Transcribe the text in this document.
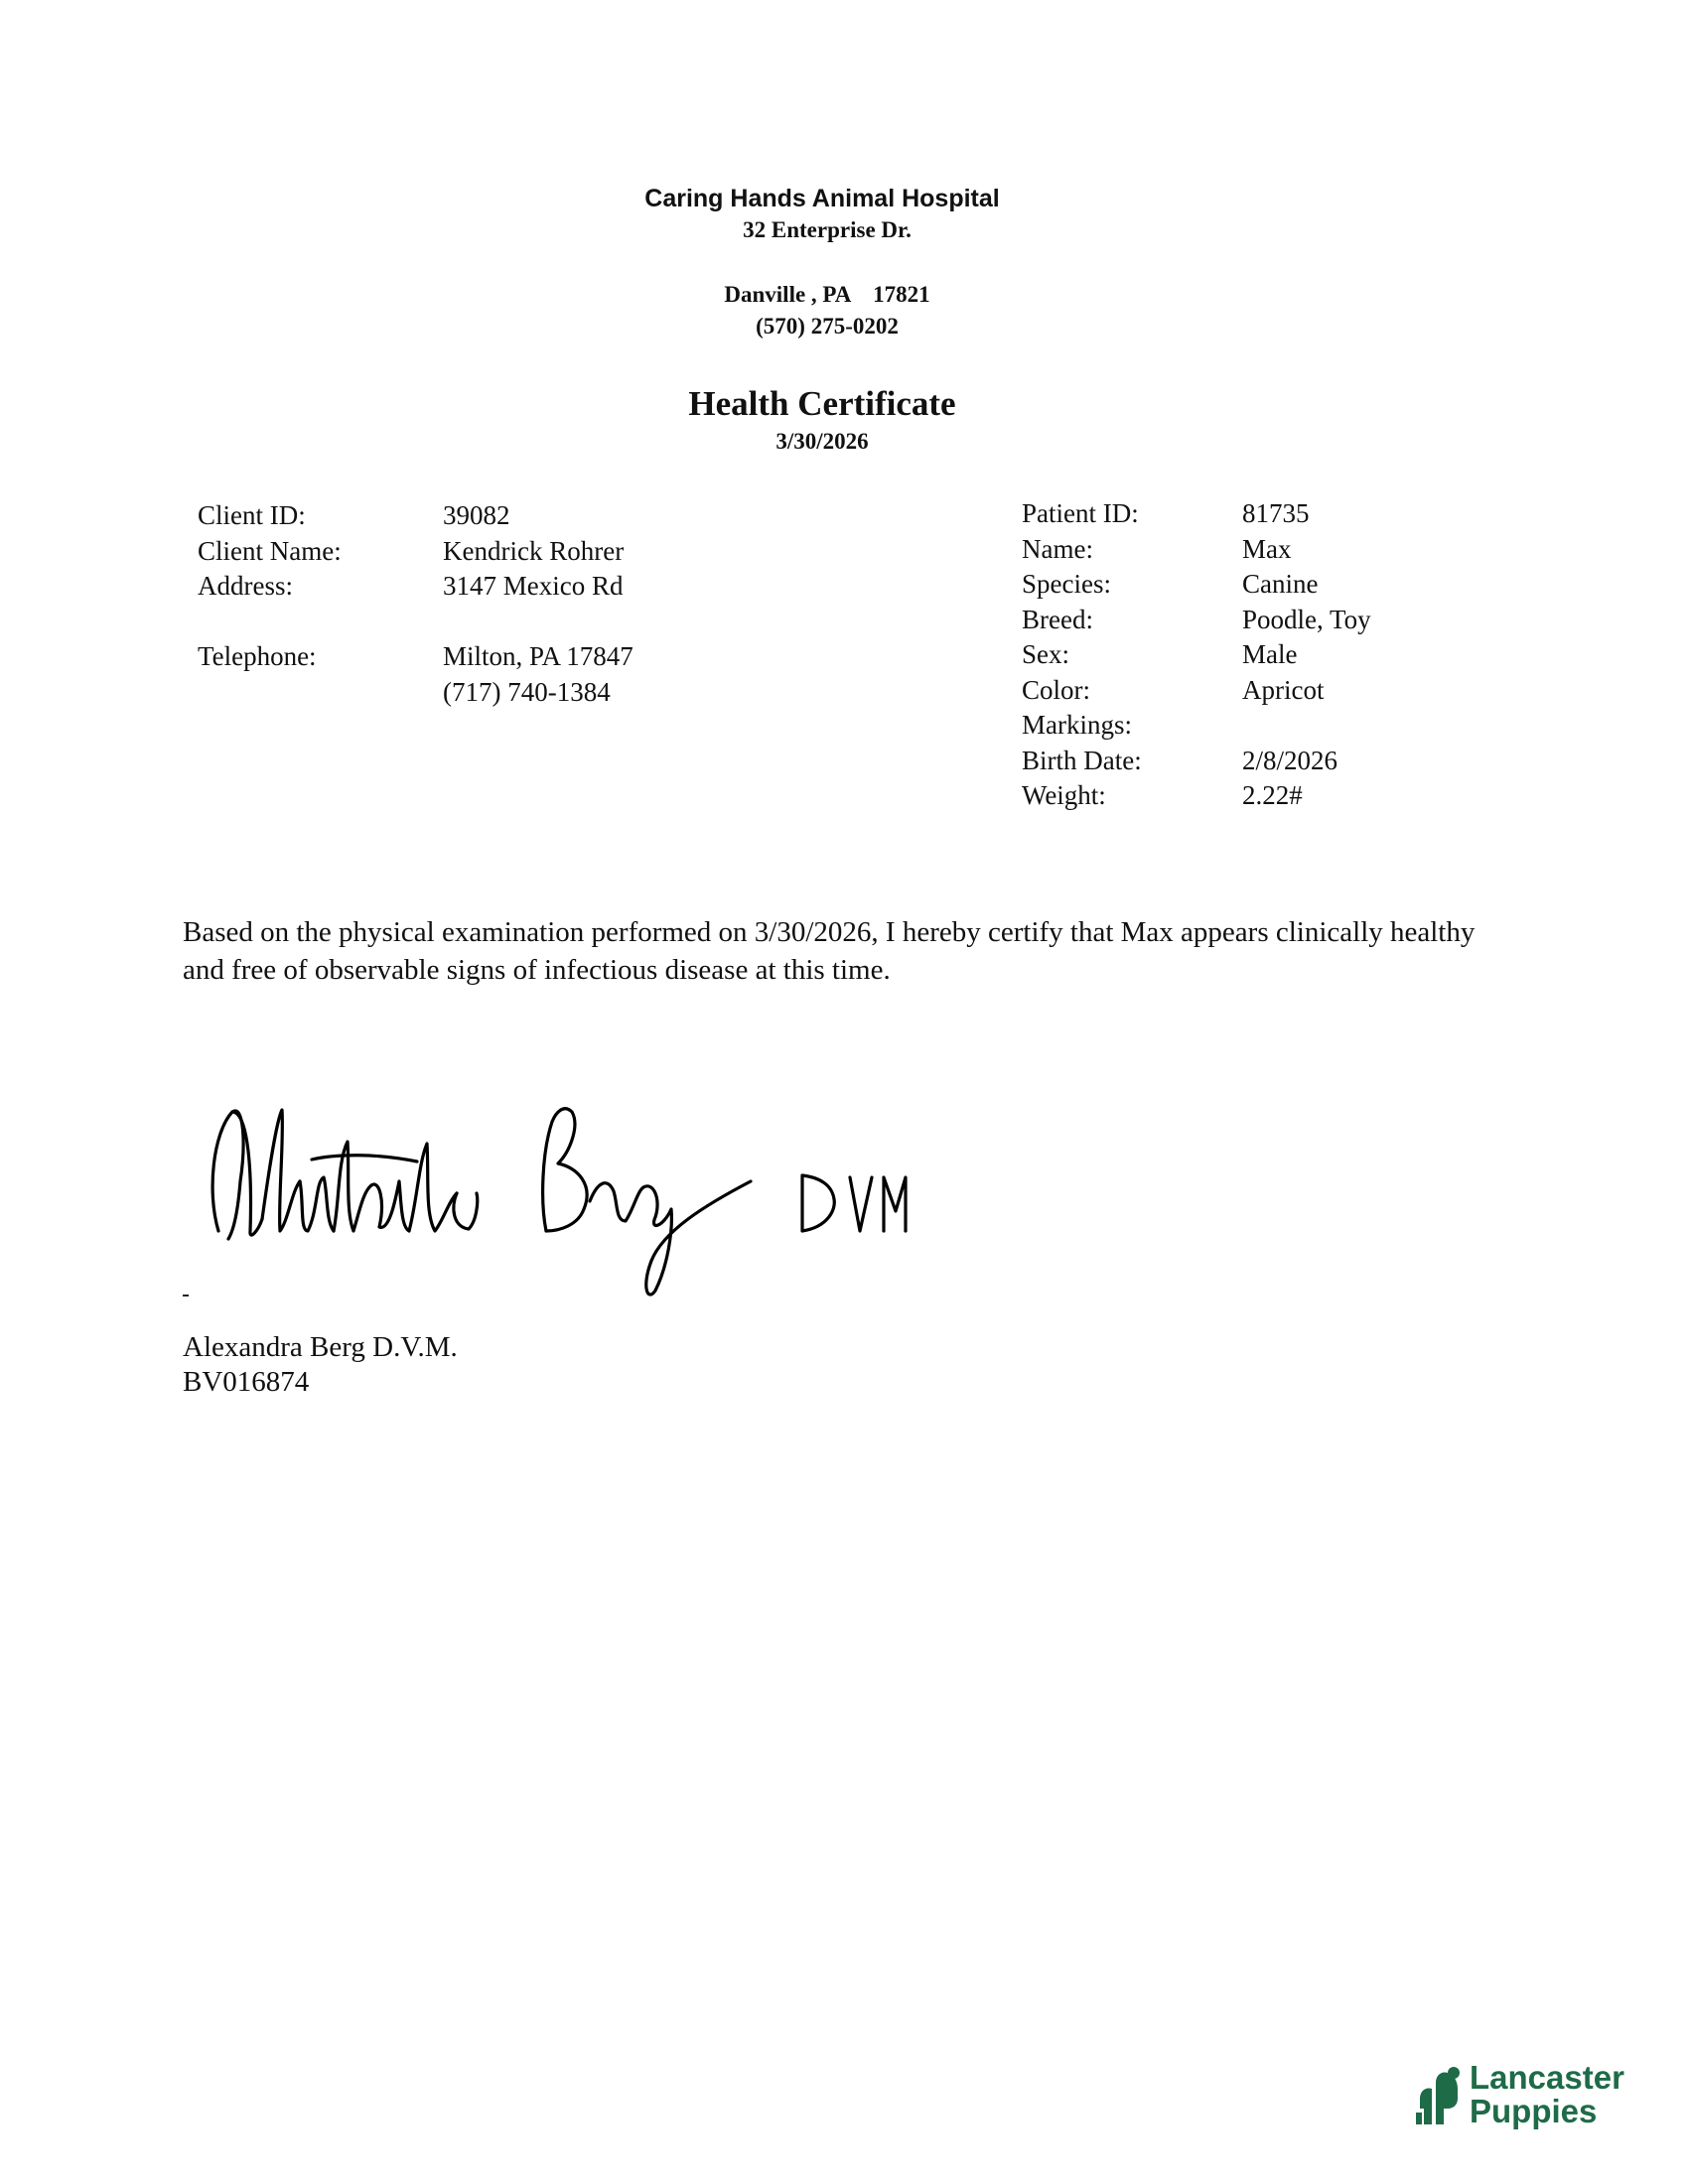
Caring Hands Animal Hospital
32 Enterprise Dr.
Danville , PA    17821
(570) 275-0202
Health Certificate
3/30/2026
Client ID:
Client Name:
Address:
Telephone:
39082
Kendrick Rohrer
3147 Mexico Rd
Milton, PA 17847
(717) 740-1384
Patient ID:
Name:
Species:
Breed:
Sex:
Color:
Markings:
Birth Date:
Weight:
81735
Max
Canine
Poodle, Toy
Male
Apricot
2/8/2026
2.22#
Based on the physical examination performed on 3/30/2026, I hereby certify that Max appears clinically healthy and free of observable signs of infectious disease at this time.
Alexandra Berg D.V.M.
BV016874
Lancaster
Puppies
